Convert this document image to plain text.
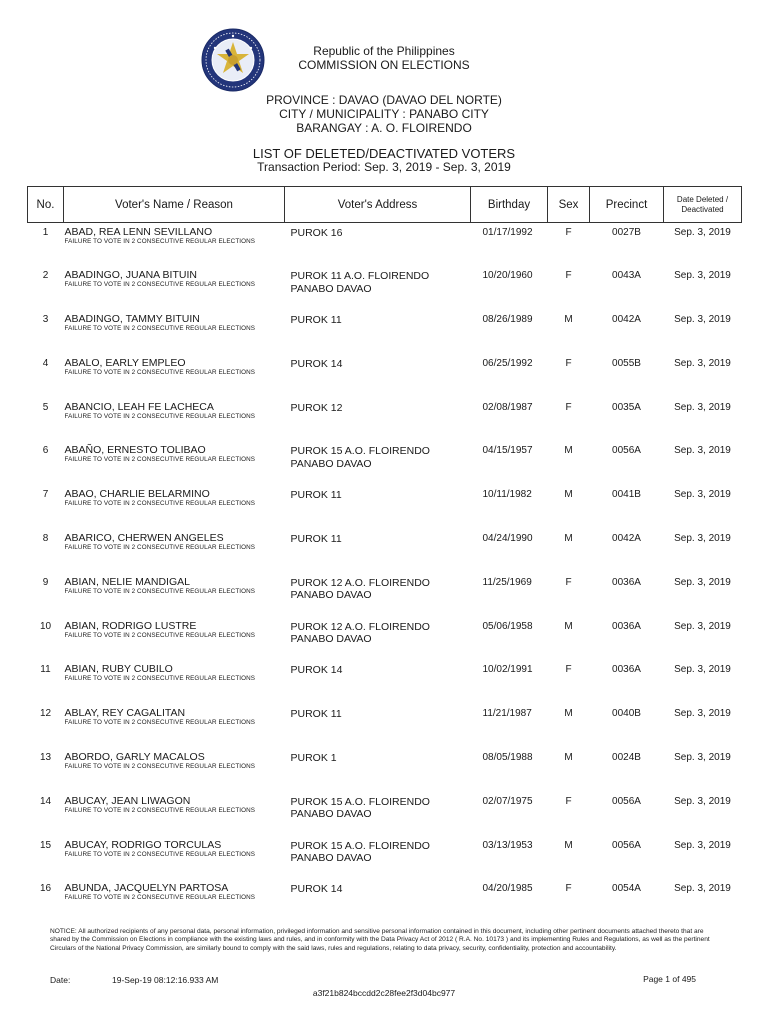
Republic of the Philippines
COMMISSION ON ELECTIONS
PROVINCE : DAVAO (DAVAO DEL NORTE)
CITY / MUNICIPALITY : PANABO CITY
BARANGAY : A. O. FLOIRENDO
LIST OF DELETED/DEACTIVATED VOTERS
Transaction Period: Sep. 3, 2019 - Sep. 3, 2019
No.	Voter's Name / Reason	Voter's Address	Birthday	Sex	Precinct	Date Deleted / Deactivated
1	ABAD, REA LENN SEVILLANO
FAILURE TO VOTE IN 2 CONSECUTIVE REGULAR ELECTIONS	PUROK 16	01/17/1992	F	0027B	Sep. 3, 2019
2	ABADINGO, JUANA BITUIN
FAILURE TO VOTE IN 2 CONSECUTIVE REGULAR ELECTIONS	PUROK 11 A.O. FLOIRENDO
PANABO DAVAO	10/20/1960	F	0043A	Sep. 3, 2019
3	ABADINGO, TAMMY BITUIN
FAILURE TO VOTE IN 2 CONSECUTIVE REGULAR ELECTIONS	PUROK 11	08/26/1989	M	0042A	Sep. 3, 2019
4	ABALO, EARLY EMPLEO
FAILURE TO VOTE IN 2 CONSECUTIVE REGULAR ELECTIONS	PUROK 14	06/25/1992	F	0055B	Sep. 3, 2019
5	ABANCIO, LEAH FE LACHECA
FAILURE TO VOTE IN 2 CONSECUTIVE REGULAR ELECTIONS	PUROK 12	02/08/1987	F	0035A	Sep. 3, 2019
6	ABAÑO, ERNESTO TOLIBAO
FAILURE TO VOTE IN 2 CONSECUTIVE REGULAR ELECTIONS	PUROK 15 A.O. FLOIRENDO
PANABO DAVAO	04/15/1957	M	0056A	Sep. 3, 2019
7	ABAO, CHARLIE BELARMINO
FAILURE TO VOTE IN 2 CONSECUTIVE REGULAR ELECTIONS	PUROK 11	10/11/1982	M	0041B	Sep. 3, 2019
8	ABARICO, CHERWEN ANGELES
FAILURE TO VOTE IN 2 CONSECUTIVE REGULAR ELECTIONS	PUROK 11	04/24/1990	M	0042A	Sep. 3, 2019
9	ABIAN, NELIE MANDIGAL
FAILURE TO VOTE IN 2 CONSECUTIVE REGULAR ELECTIONS	PUROK 12 A.O. FLOIRENDO
PANABO DAVAO	11/25/1969	F	0036A	Sep. 3, 2019
10	ABIAN, RODRIGO LUSTRE
FAILURE TO VOTE IN 2 CONSECUTIVE REGULAR ELECTIONS	PUROK 12 A.O. FLOIRENDO
PANABO DAVAO	05/06/1958	M	0036A	Sep. 3, 2019
11	ABIAN, RUBY CUBILO
FAILURE TO VOTE IN 2 CONSECUTIVE REGULAR ELECTIONS	PUROK 14	10/02/1991	F	0036A	Sep. 3, 2019
12	ABLAY, REY CAGALITAN
FAILURE TO VOTE IN 2 CONSECUTIVE REGULAR ELECTIONS	PUROK 11	11/21/1987	M	0040B	Sep. 3, 2019
13	ABORDO, GARLY MACALOS
FAILURE TO VOTE IN 2 CONSECUTIVE REGULAR ELECTIONS	PUROK 1	08/05/1988	M	0024B	Sep. 3, 2019
14	ABUCAY, JEAN LIWAGON
FAILURE TO VOTE IN 2 CONSECUTIVE REGULAR ELECTIONS	PUROK 15 A.O. FLOIRENDO
PANABO DAVAO	02/07/1975	F	0056A	Sep. 3, 2019
15	ABUCAY, RODRIGO TORCULAS
FAILURE TO VOTE IN 2 CONSECUTIVE REGULAR ELECTIONS	PUROK 15 A.O. FLOIRENDO
PANABO DAVAO	03/13/1953	M	0056A	Sep. 3, 2019
16	ABUNDA, JACQUELYN PARTOSA
FAILURE TO VOTE IN 2 CONSECUTIVE REGULAR ELECTIONS	PUROK 14	04/20/1985	F	0054A	Sep. 3, 2019
NOTICE: All authorized recipients of any personal data, personal information, privileged information and sensitive personal information contained in this document, including other pertinent documents attached thereto that are shared by the Commission on Elections in compliance with the existing laws and rules, and in conformity with the Data Privacy Act of 2012 ( R.A. No. 10173 ) and its implementing Rules and Regulations, as well as the pertinent Circulars of the National Privacy Commission, are similarly bound to comply with the said laws, rules and regulations, relating to data privacy, security, confidentiality, protection and accountability.
Date:	19-Sep-19 08:12:16.933 AM	Page 1 of 495
a3f21b824bccdd2c28fee2f3d04bc977
